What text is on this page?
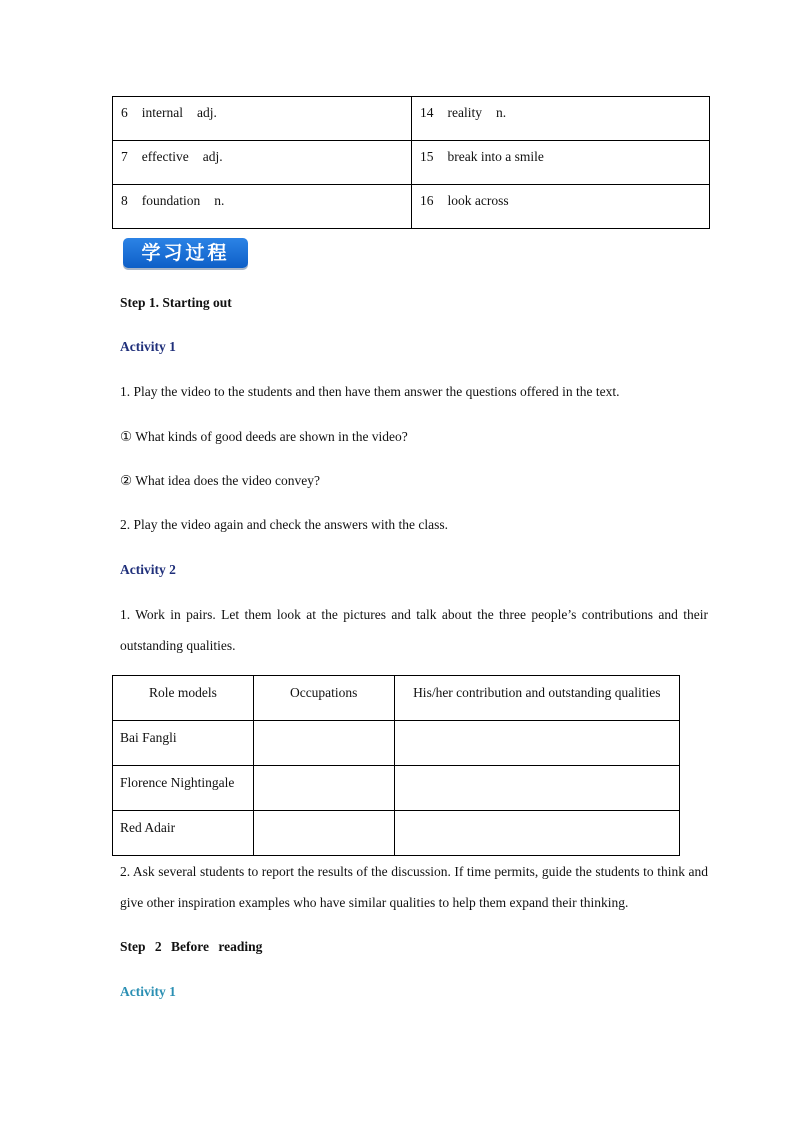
6 internal adj.	14 reality n.
7 effective adj.	15 break into a smile
8 foundation n.	16 look across
学习过程
Step 1. Starting out
Activity 1
1. Play the video to the students and then have them answer the questions offered in the text.
① What kinds of good deeds are shown in the video?
② What idea does the video convey?
2. Play the video again and check the answers with the class.
Activity 2
1. Work in pairs. Let them look at the pictures and talk about the three people’s contributions and their outstanding qualities.
Role models	Occupations	His/her contribution and outstanding qualities
Bai Fangli		
Florence Nightingale		
Red Adair		
2. Ask several students to report the results of the discussion. If time permits, guide the students to think and give other inspiration examples who have similar qualities to help them expand their thinking.
Step 2 Before reading
Activity 1
